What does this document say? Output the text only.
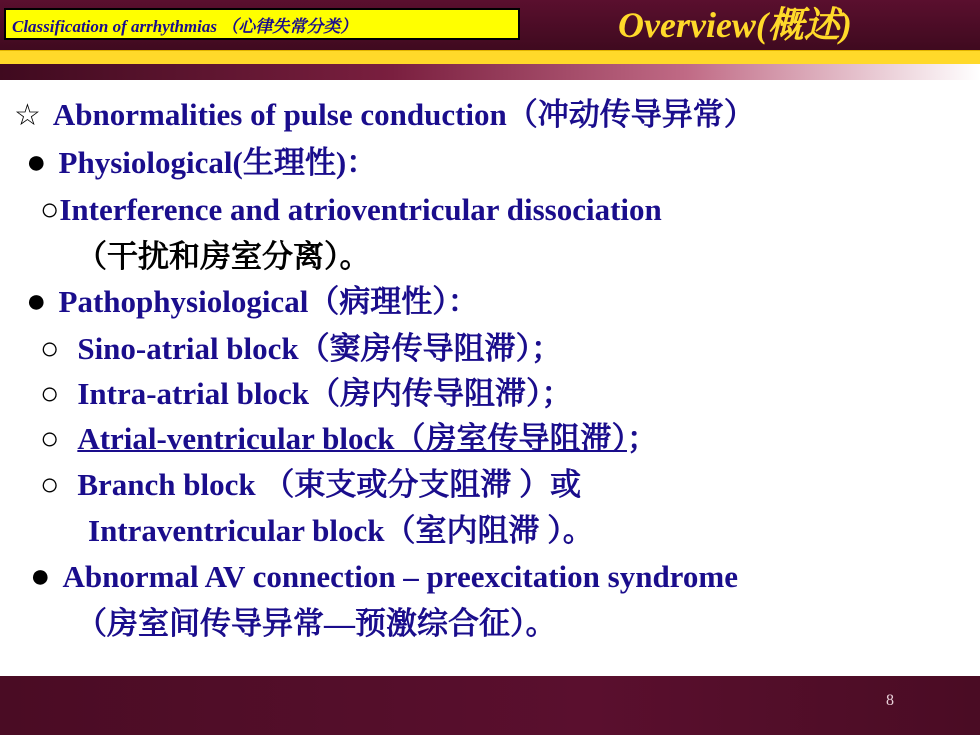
Classification of arrhythmias （心律失常分类）	Overview(概述)
☆ Abnormalities of pulse conduction（冲动传导异常）
● Physiological(生理性)：
○Interference and atrioventricular dissociation
（干扰和房室分离）。
● Pathophysiological（病理性）：
○ Sino-atrial block（窦房传导阻滞）；
○ Intra-atrial block（房内传导阻滞）；
○ Atrial-ventricular block（房室传导阻滞）；
○ Branch block （束支或分支阻滞 ）或
Intraventricular block（室内阻滞 ）。
● Abnormal AV connection – preexcitation syndrome
（房室间传导异常—预激综合征）。
8
